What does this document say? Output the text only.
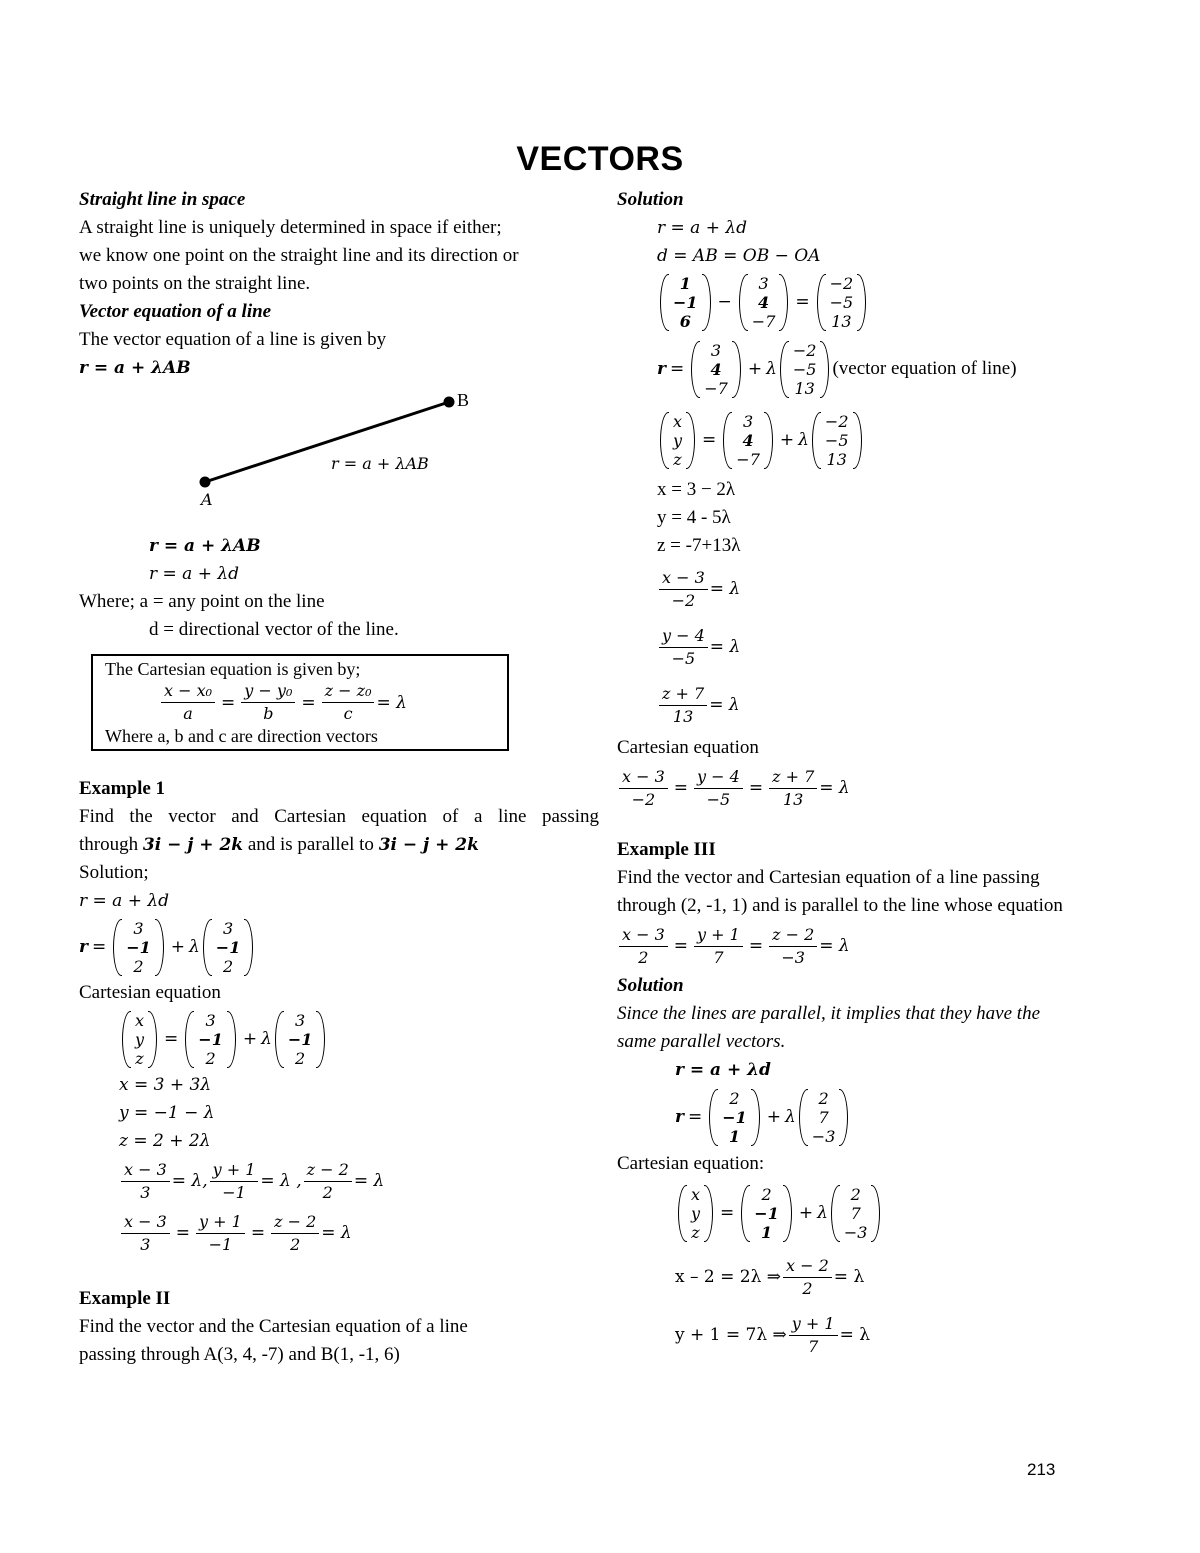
VECTORS
Straight line in space
A straight line is uniquely determined in space if either;
we know one point on the straight line and its direction or
two points on the straight line.
Vector equation of a line
The vector equation of a line is given by
r = a + λAB
B
A
r = a + λAB
r = a + λAB
r = a + λd
Where; a = any point on the line
d = directional vector of the line.
The Cartesian equation is given by;
$\frac{\text{x − x₀}}{a} = \frac{\text{y − y₀}}{b} = \frac{\text{z − z₀}}{c} = \lambda$
Where a, b and c are direction vectors
Example 1
Find the vector and Cartesian equation of a line passing
through 3i − j + 2k and is parallel to 3i − j + 2k
Solution;
r = a + λd
r =
3
−1
2
+ λ
3
−1
2
Cartesian equation
x
y
z
=
3
−1
2
+ λ
3
−1
2
x = 3 + 3λ
y = −1 − λ
z = 2 + 2λ
$\frac{x - 3}{3} = \lambda$, $\frac{y + 1}{-1} = \lambda$ , $\frac{z - 2}{2} = \lambda$
$\frac{x - 3}{3} = \frac{y + 1}{-1} = \frac{z - 2}{2} = \lambda$
Example II
Find the vector and the Cartesian equation of a line
passing through A(3, 4, -7) and B(1, -1, 6)
Solution
r = a + λd
d = AB = OB − OA
1
−1
6
−
3
4
−7
=
−2
−5
13
r =
3
4
−7
+ λ
−2
−5
13
(vector equation of line)
x
y
z
=
3
4
−7
+ λ
−2
−5
13
x = 3 − 2λ
y = 4 - 5λ
z = -7+13λ
$\frac{x - 3}{-2} = \lambda$
$\frac{y - 4}{-5} = \lambda$
$\frac{z + 7}{13} = \lambda$
Cartesian equation
$\frac{x - 3}{-2} = \frac{y - 4}{-5} = \frac{z + 7}{13} = \lambda$
Example III
Find the vector and Cartesian equation of a line passing
through (2, -1, 1) and is parallel to the line whose equation
$\frac{x - 3}{2} = \frac{y + 1}{7} = \frac{z - 2}{-3} = \lambda$
Solution
Since the lines are parallel, it implies that they have the
same parallel vectors.
r = a + λd
r =
2
−1
1
+ λ
2
7
−3
Cartesian equation:
x
y
z
=
2
−1
1
+ λ
2
7
−3
x – 2 = 2λ ⇒ $\frac{x - 2}{2} = \lambda$
y + 1 = 7λ ⇒ $\frac{y + 1}{7} = \lambda$
213
